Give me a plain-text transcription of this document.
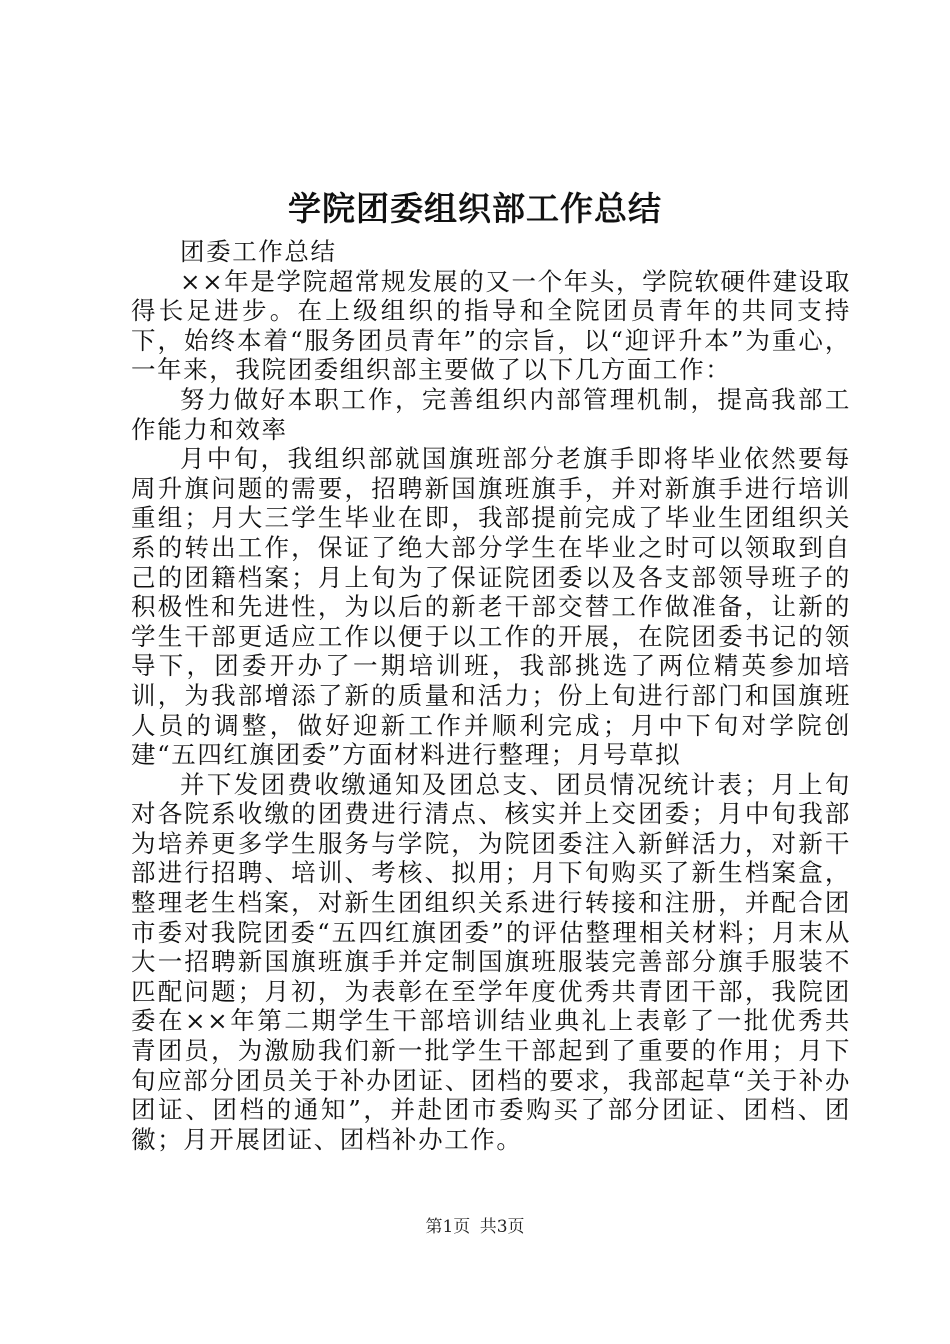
学院团委组织部工作总结

团委工作总结

××年是学院超常规发展的又一个年头，学院软硬件建设取得长足进步。在上级组织的指导和全院团员青年的共同支持下，始终本着“服务团员青年”的宗旨，以“迎评升本”为重心，一年来，我院团委组织部主要做了以下几方面工作：

努力做好本职工作，完善组织内部管理机制，提高我部工作能力和效率

月中旬，我组织部就国旗班部分老旗手即将毕业依然要每周升旗问题的需要，招聘新国旗班旗手，并对新旗手进行培训重组；月大三学生毕业在即，我部提前完成了毕业生团组织关系的转出工作，保证了绝大部分学生在毕业之时可以领取到自己的团籍档案；月上旬为了保证院团委以及各支部领导班子的积极性和先进性，为以后的新老干部交替工作做准备，让新的学生干部更适应工作以便于以工作的开展，在院团委书记的领导下，团委开办了一期培训班，我部挑选了两位精英参加培训，为我部增添了新的质量和活力；份上旬进行部门和国旗班人员的调整，做好迎新工作并顺利完成；月中下旬对学院创建“五四红旗团委”方面材料进行整理；月号草拟

并下发团费收缴通知及团总支、团员情况统计表；月上旬对各院系收缴的团费进行清点、核实并上交团委；月中旬我部为培养更多学生服务与学院，为院团委注入新鲜活力，对新干部进行招聘、培训、考核、拟用；月下旬购买了新生档案盒，整理老生档案，对新生团组织关系进行转接和注册，并配合团市委对我院团委“五四红旗团委”的评估整理相关材料；月末从大一招聘新国旗班旗手并定制国旗班服装完善部分旗手服装不匹配问题；月初，为表彰在至学年度优秀共青团干部，我院团委在××年第二期学生干部培训结业典礼上表彰了一批优秀共青团员，为激励我们新一批学生干部起到了重要的作用；月下旬应部分团员关于补办团证、团档的要求，我部起草“关于补办团证、团档的通知”，并赴团市委购买了部分团证、团档、团徽；月开展团证、团档补办工作。

第1页 共3页
